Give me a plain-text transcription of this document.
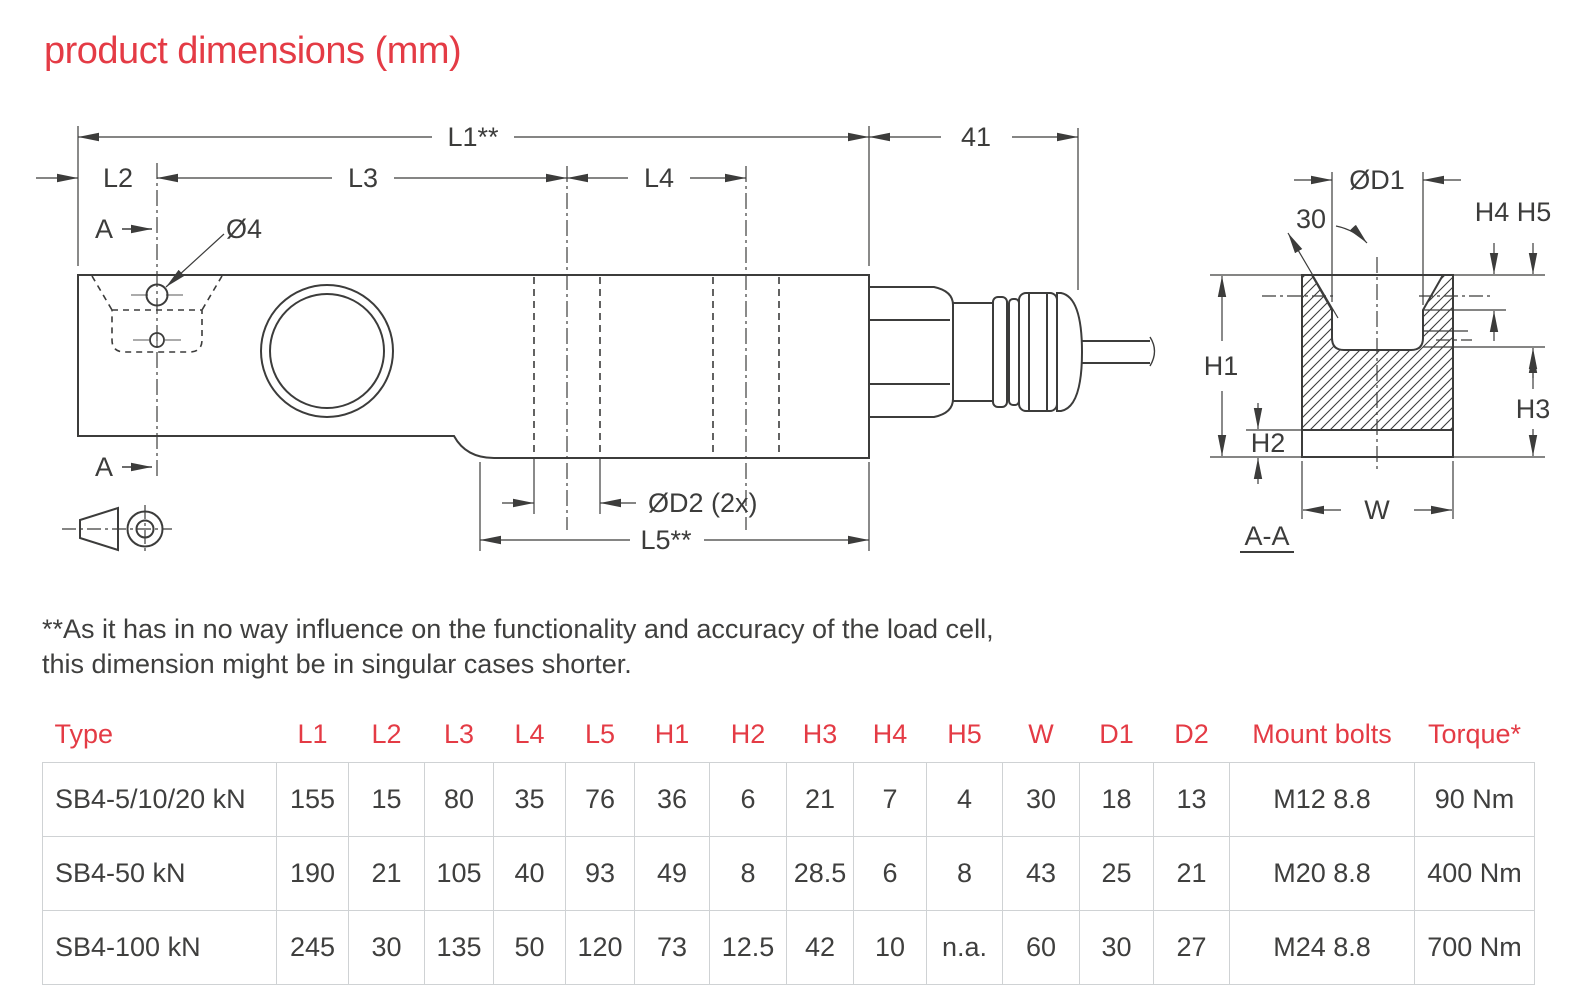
product dimensions (mm)
L1**	41
L2	L3	L4
A
A
Ø4
ØD2 (2x)
L5**
ØD1
30	H4 H5
H1
H2
H3
W
A-A
**As it has in no way influence on the functionality and accuracy of the load cell,
this dimension might be in singular cases shorter.
Type	L1	L2	L3	L4	L5	H1	H2	H3	H4	H5	W	D1	D2	Mount bolts	Torque*
SB4-5/10/20 kN	155	15	80	35	76	36	6	21	7	4	30	18	13	M12 8.8	90 Nm
SB4-50 kN	190	21	105	40	93	49	8	28.5	6	8	43	25	21	M20 8.8	400 Nm
SB4-100 kN	245	30	135	50	120	73	12.5	42	10	n.a.	60	30	27	M24 8.8	700 Nm
